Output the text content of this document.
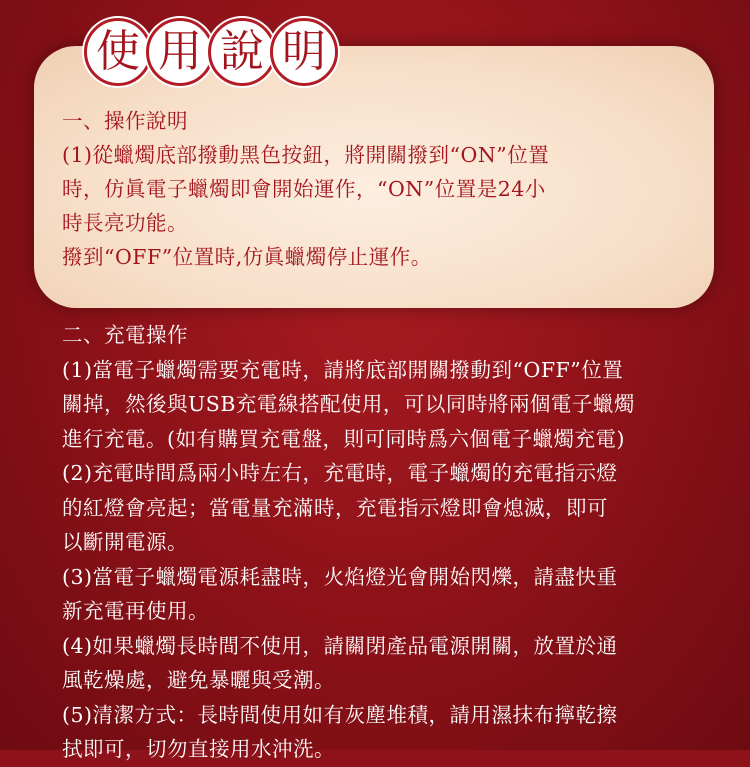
使 用 說 明
一、操作說明
(1)從蠟燭底部撥動黑色按鈕，將開關撥到“ON”位置
時，仿眞電子蠟燭即會開始運作，“ON”位置是24小
時長亮功能。
撥到“OFF”位置時,仿眞蠟燭停止運作。
二、充電操作
(1)當電子蠟燭需要充電時，請將底部開關撥動到“OFF”位置
關掉，然後與USB充電線搭配使用，可以同時將兩個電子蠟燭
進行充電。(如有購買充電盤，則可同時爲六個電子蠟燭充電)
(2)充電時間爲兩小時左右，充電時，電子蠟燭的充電指示燈
的紅燈會亮起；當電量充滿時，充電指示燈即會熄滅，即可
以斷開電源。
(3)當電子蠟燭電源耗盡時，火焰燈光會開始閃爍，請盡快重
新充電再使用。
(4)如果蠟燭長時間不使用，請關閉產品電源開關，放置於通
風乾燥處，避免暴曬與受潮。
(5)清潔方式：長時間使用如有灰塵堆積，請用濕抹布擰乾擦
拭即可，切勿直接用水沖洗。
